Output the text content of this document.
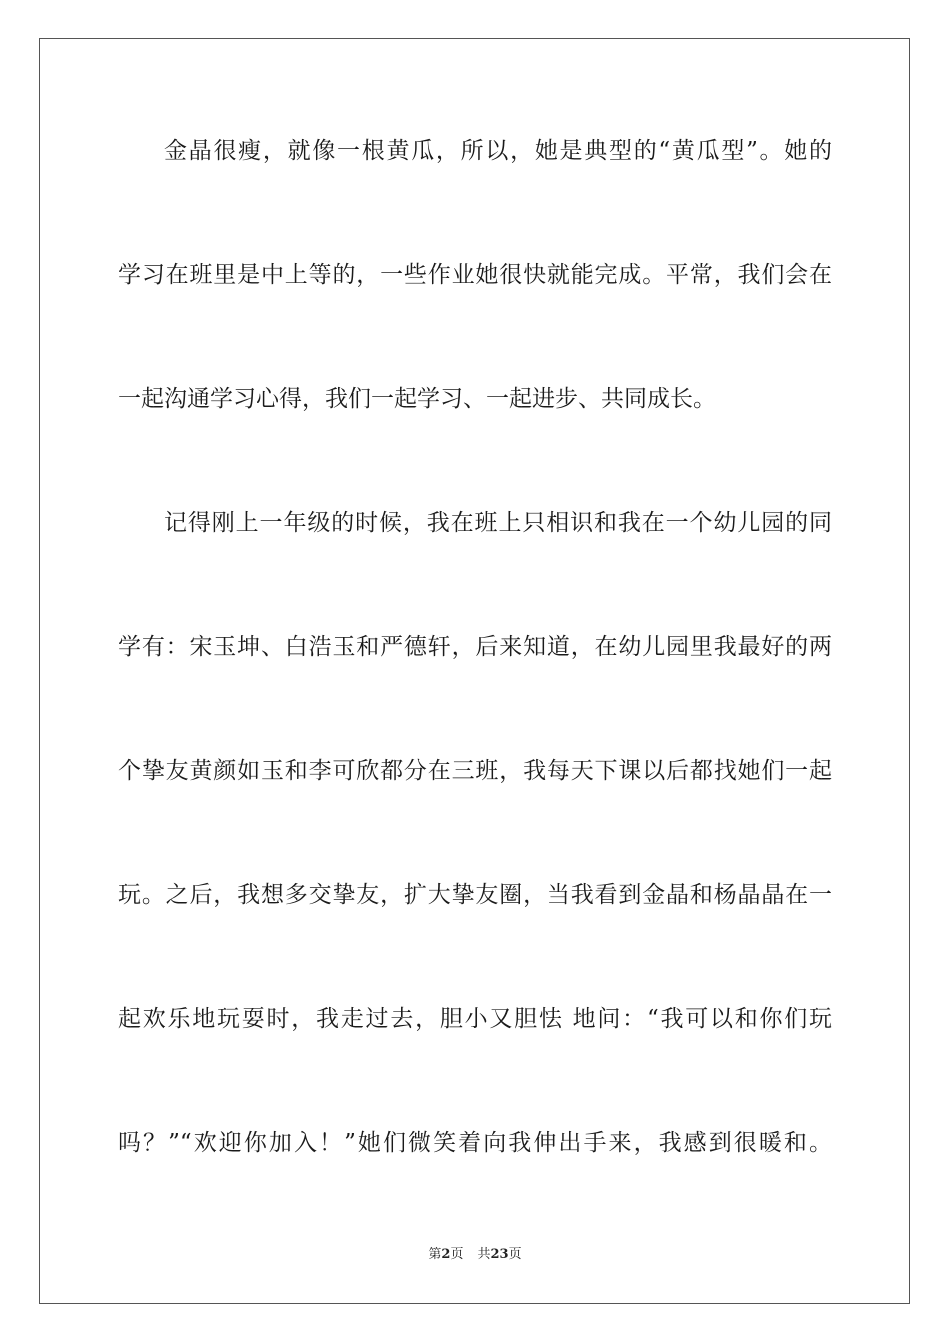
金晶很瘦，就像一根黄瓜，所以，她是典型的“黄瓜型”。她的
学习在班里是中上等的，一些作业她很快就能完成。平常，我们会在
一起沟通学习心得，我们一起学习、一起进步、共同成长。
记得刚上一年级的时候，我在班上只相识和我在一个幼儿园的同
学有：宋玉坤、白浩玉和严德轩，后来知道，在幼儿园里我最好的两
个挚友黄颜如玉和李可欣都分在三班，我每天下课以后都找她们一起
玩。之后，我想多交挚友，扩大挚友圈，当我看到金晶和杨晶晶在一
起欢乐地玩耍时，我走过去，胆小又胆怯 地问：“我可以和你们玩
吗？”“欢迎你加入！”她们微笑着向我伸出手来，我感到很暖和。
第2页 共23页
